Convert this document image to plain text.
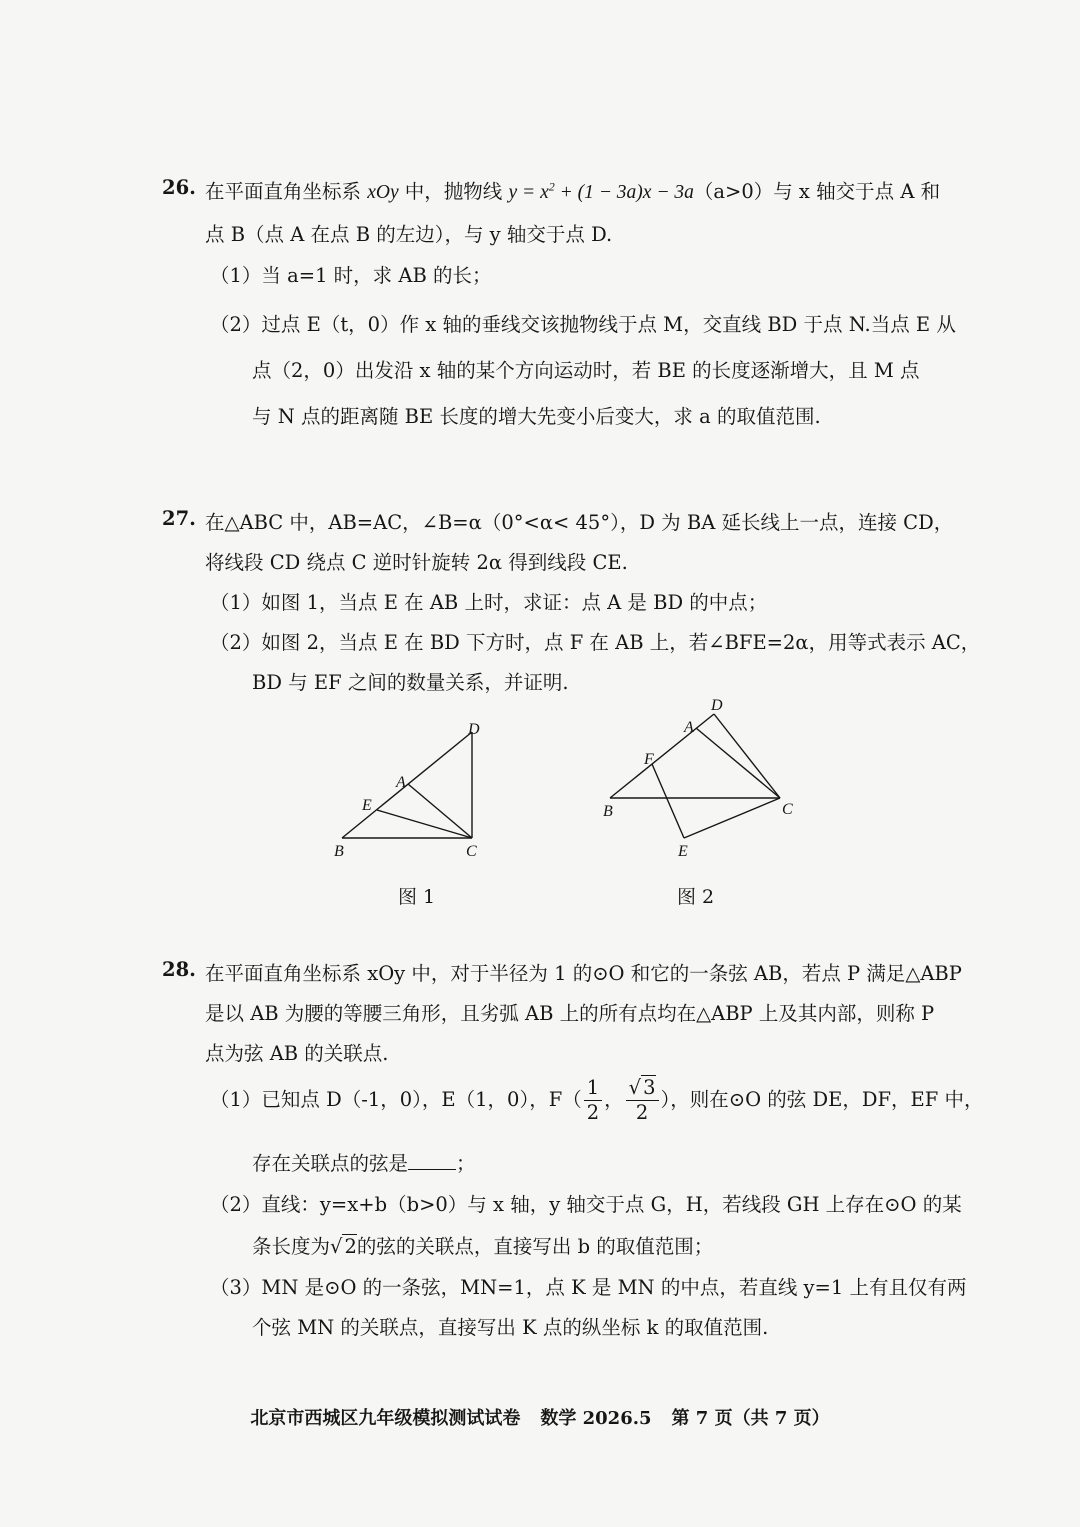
26. 在平面直角坐标系 xOy 中，抛物线 $y = x^2 + (1 - 3a)x - 3a(a>0)$与 x 轴交于点 A 和
点 B（点 A 在点 B 的左边），与 y 轴交于点 D.
（1）当 a=1 时，求 AB 的长；
（2）过点 E（t，0）作 x 轴的垂线交该抛物线于点 M，交直线 BD 于点 N.当点 E 从
点（2，0）出发沿 x 轴的某个方向运动时，若 BE 的长度逐渐增大，且 M 点
与 N 点的距离随 BE 长度的增大先变小后变大，求 a 的取值范围.
27. 在△ABC 中，AB=AC，∠B=α（0°<α< 45°），D 为 BA 延长线上一点，连接 CD，
将线段 CD 绕点 C 逆时针旋转 2α 得到线段 CE.
（1）如图 1，当点 E 在 AB 上时，求证：点 A 是 BD 的中点；
（2）如图 2，当点 E 在 BD 下方时，点 F 在 AB 上，若∠BFE=2α，用等式表示 AC，
BD 与 EF 之间的数量关系，并证明.
D
A
E
B	C
图 1
D
A
F
B	C
E
图 2
28. 在平面直角坐标系 xOy 中，对于半径为 1 的⊙O 和它的一条弦 AB，若点 P 满足△ABP
是以 AB 为腰的等腰三角形，且劣弧 AB 上的所有点均在△ABP 上及其内部，则称 P
点为弦 AB 的关联点.
（1）已知点 D（-1，0），E（1，0），$F( \frac{1}{2}$ ， $\frac{√ 3}{2}$ ），则在⊙O 的弦 DE，DF，EF 中，
存在关联点的弦是 ；
（2）直线：y=x+b（b>0）与 x 轴，y 轴交于点 G，H，若线段 GH 上存在⊙O 的某
条长度为√ 2的弦的关联点，直接写出 b 的取值范围；
（3）MN 是⊙O 的一条弦，MN=1，点 K 是 MN 的中点，若直线 y=1 上有且仅有两
个弦 MN 的关联点，直接写出 K 点的纵坐标 k 的取值范围.
北京市西城区九年级模拟测试试卷 数学 2026.5 第 7 页（共 7 页）
